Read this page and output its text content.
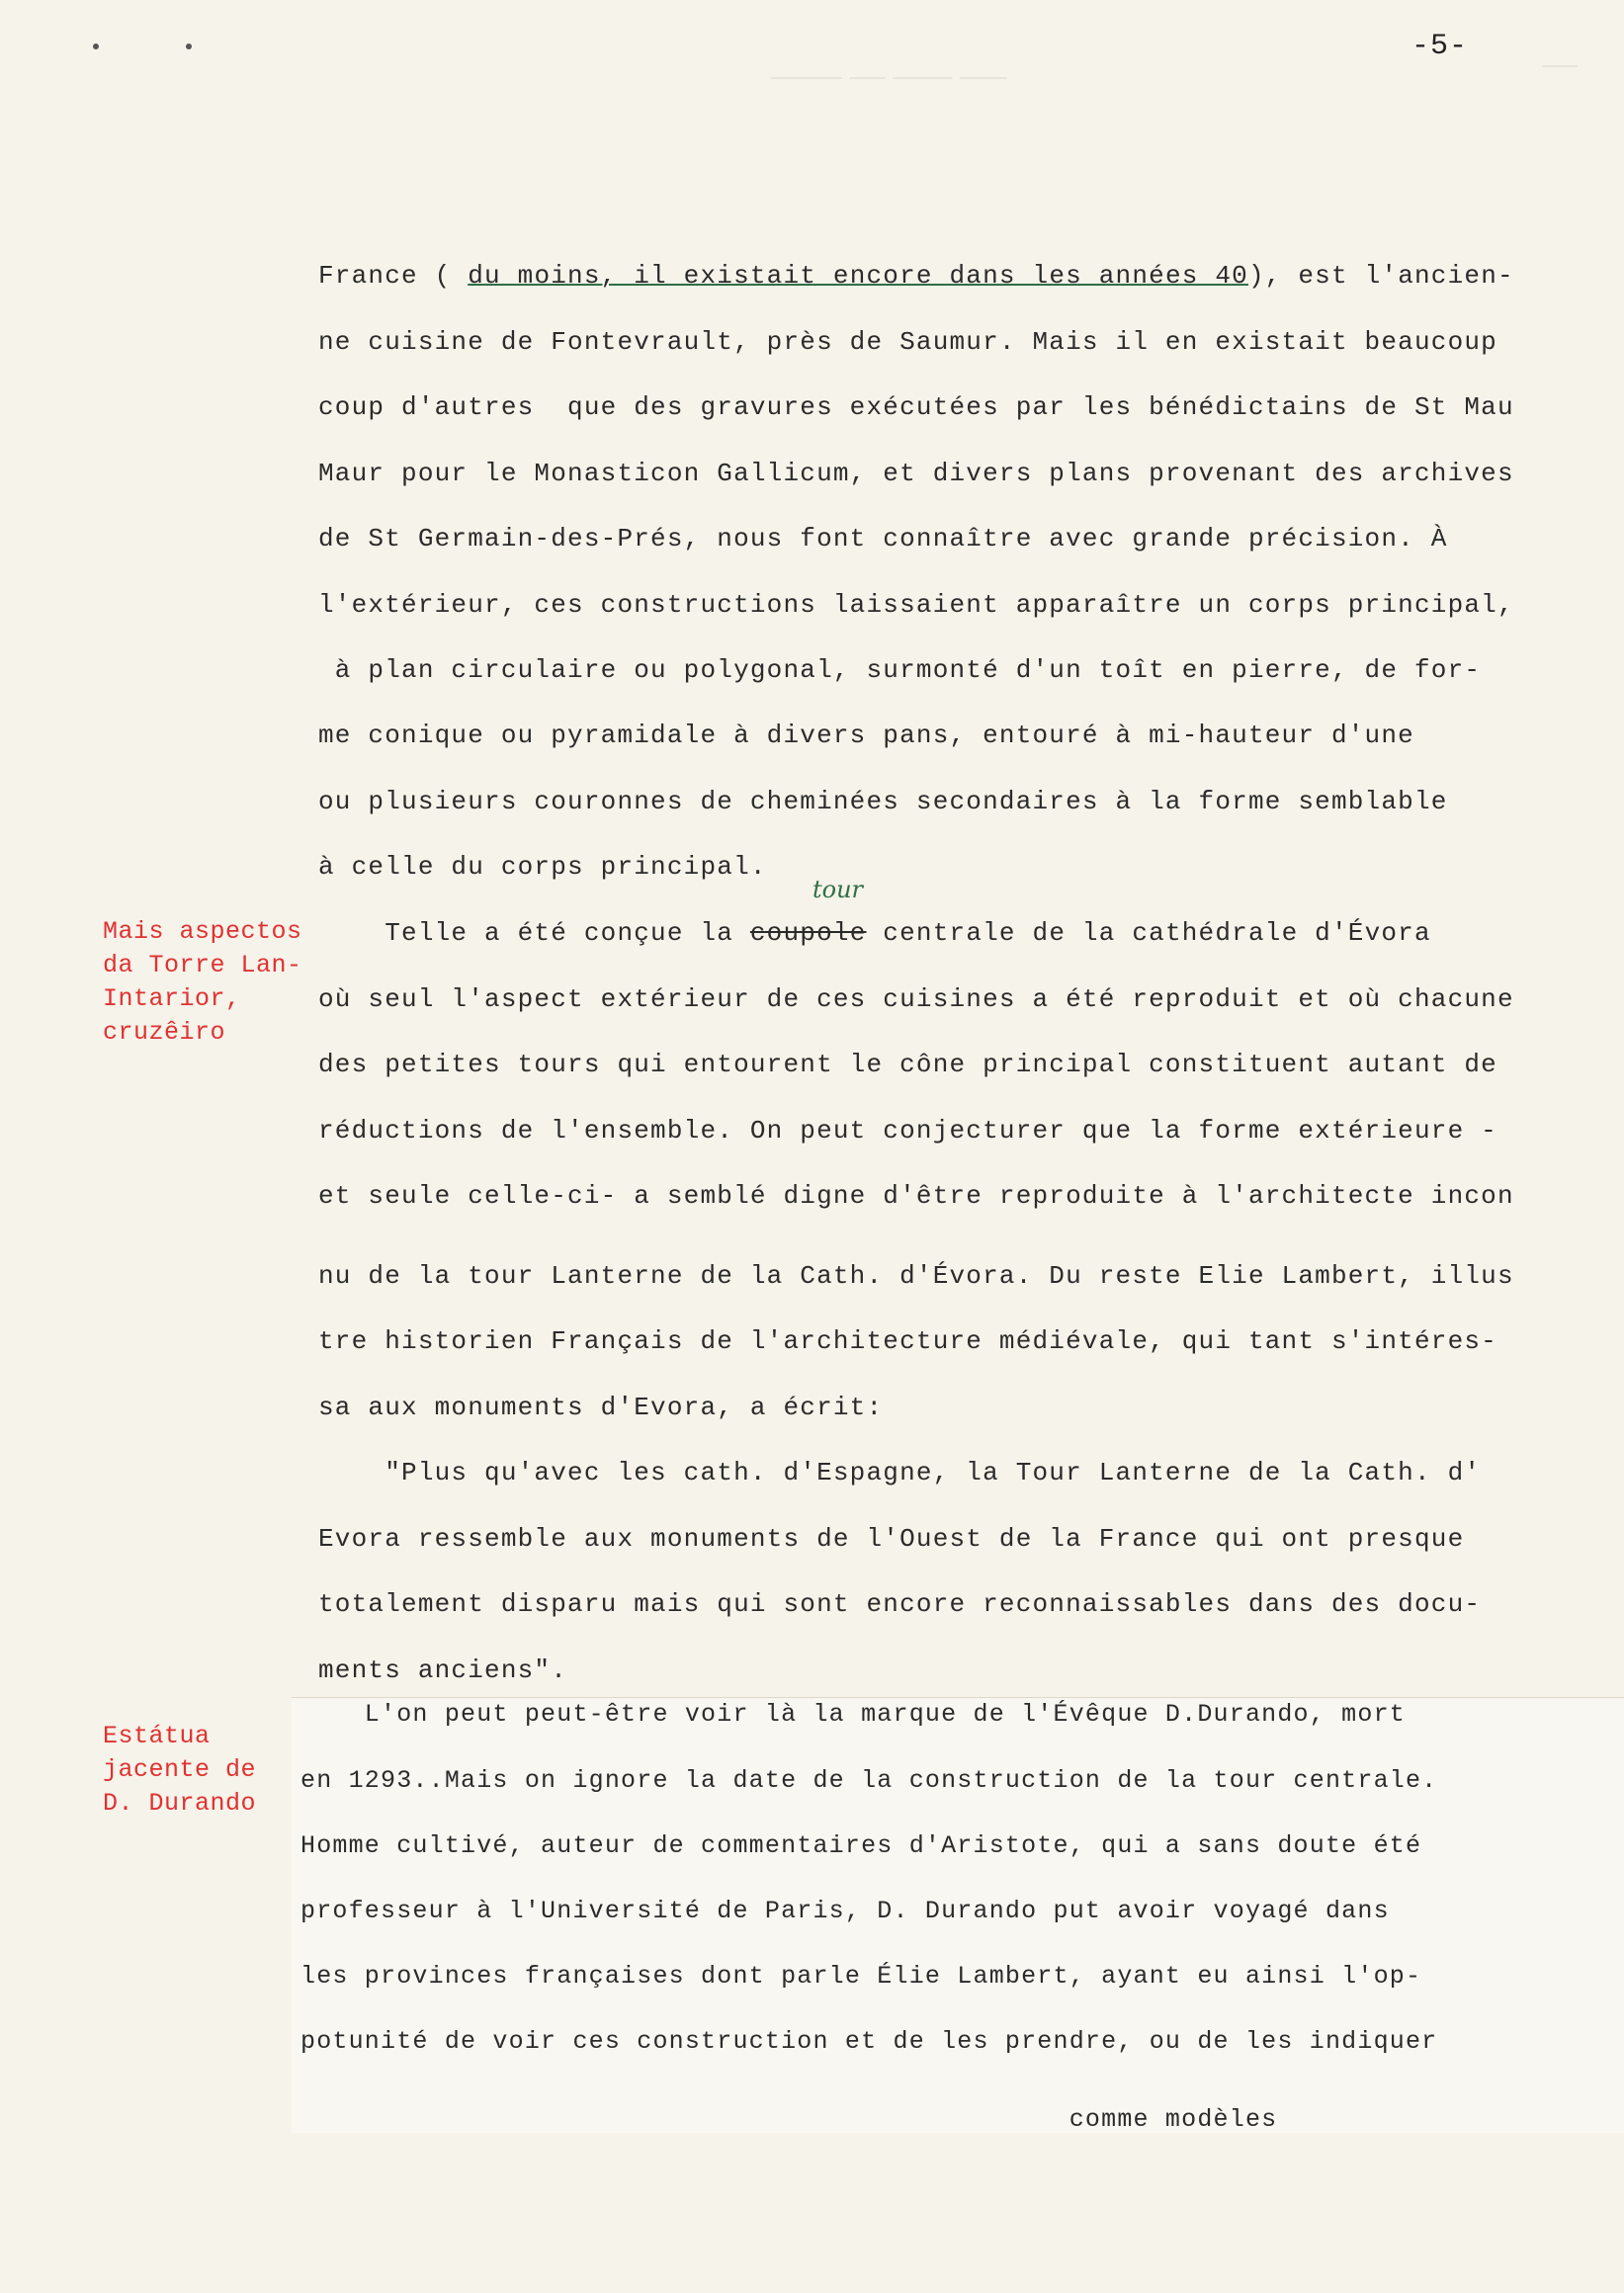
-5-
______ ___ _____ ____	___
France ( du moins, il existait encore dans les années 40), est l'ancien-
ne cuisine de Fontevrault, près de Saumur. Mais il en existait beaucoup
coup d'autres  que des gravures exécutées par les bénédictains de St Mau
Maur pour le Monasticon Gallicum, et divers plans provenant des archives
de St Germain-des-Prés, nous font connaître avec grande précision. À
l'extérieur, ces constructions laissaient apparaître un corps principal,
à plan circulaire ou polygonal, surmonté d'un toît en pierre, de for-
me conique ou pyramidale à divers pans, entouré à mi-hauteur d'une
ou plusieurs couronnes de cheminées secondaires à la forme semblable
à celle du corps principal.
Mais aspectos
da Torre Lan-
Intarior,
cruzêiro
tour
Telle a été conçue la coupole centrale de la cathédrale d'Évora
où seul l'aspect extérieur de ces cuisines a été reproduit et où chacune
des petites tours qui entourent le cône principal constituent autant de
réductions de l'ensemble. On peut conjecturer que la forme extérieure -
et seule celle-ci- a semblé digne d'être reproduite à l'architecte incon
nu de la tour Lanterne de la Cath. d'Évora. Du reste Elie Lambert, illus
tre historien Français de l'architecture médiévale, qui tant s'intéres-
sa aux monuments d'Evora, a écrit:
"Plus qu'avec les cath. d'Espagne, la Tour Lanterne de la Cath. d'
Evora ressemble aux monuments de l'Ouest de la France qui ont presque
totalement disparu mais qui sont encore reconnaissables dans des docu-
ments anciens".
Estátua
jacente de
D. Durando
L'on peut peut-être voir là la marque de l'Évêque D.Durando, mort
en 1293..Mais on ignore la date de la construction de la tour centrale.
Homme cultivé, auteur de commentaires d'Aristote, qui a sans doute été
professeur à l'Université de Paris, D. Durando put avoir voyagé dans
les provinces françaises dont parle Élie Lambert, ayant eu ainsi l'op-
potunité de voir ces construction et de les prendre, ou de les indiquer
comme modèles
